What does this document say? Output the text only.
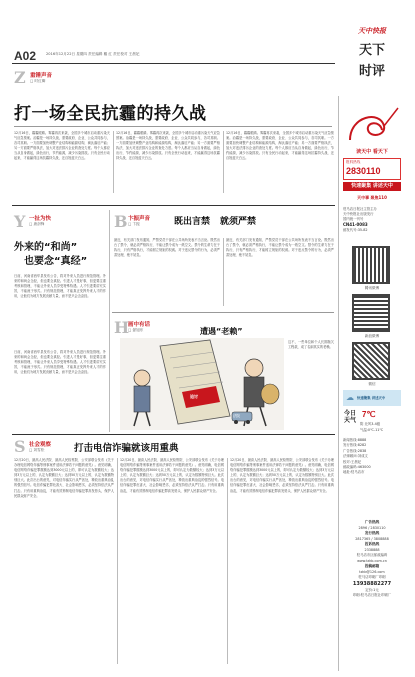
A02	2016年12月22日 星期四 责任编辑 戴 红 责任校对 王晨妃
天中快报
天下
时评
Z 重锤声音
□ 时红卿
打一场全民抗霾的持久战
12月16日，霾霾眼睛。雾霾再次来袭，全国多个城市启动重污染天气应急预案。治霾是一场持久战，需要政府、企业、公众共同参与，各司其职。一方面要加快调整产业结构和能源结构，淘汰落后产能；另一方面要严格执法，加大对违法排污企业的查处力度。每个人都应当从自身做起，绿色出行，节约能源，减少污染排放。只有全民行动起来，才能赢得这场抗霾持久战，还百姓蓝天白云。
12月16日，霾霾眼睛。雾霾再次来袭，全国多个城市启动重污染天气应急预案。治霾是一场持久战，需要政府、企业、公众共同参与，各司其职。一方面要加快调整产业结构和能源结构，淘汰落后产能；另一方面要严格执法，加大对违法排污企业的查处力度。每个人都应当从自身做起，绿色出行，节约能源，减少污染排放。只有全民行动起来，才能赢得这场抗霾持久战，还百姓蓝天白云。
12月16日，霾霾眼睛。雾霾再次来袭，全国多个城市启动重污染天气应急预案。治霾是一场持久战，需要政府、企业、公众共同参与，各司其职。一方面要加快调整产业结构和能源结构，淘汰落后产能；另一方面要严格执法，加大对违法排污企业的查处力度。每个人都应当从自身做起，绿色出行，节约能源，减少污染排放。只有全民行动起来，才能赢得这场抗霾持久战，还百姓蓝天白云。
Y 一扯为快
□ 唐剑锋
外来的“和尚”
也要念“真经”
日前，河南省西华县发布公告，将对外来人员进行规范管理。外来的和尚会念经，但也要念真经。引进人才是好事，但更要注重考核和管理，不能让外来人员享受特殊待遇。人才引进要讲究实效，不能流于形式。只有规范管理，才能真正发挥外来人才的作用，让他们为地方发展贡献力量，而不是只会念歪经。
日前，河南省西华县发布公告，将对外来人员进行规范管理。外来的和尚会念经，但也要念真经。引进人才是好事，但更要注重考核和管理，不能让外来人员享受特殊待遇。人才引进要讲究实效，不能流于形式。只有规范管理，才能真正发挥外来人才的作用，让他们为地方发展贡献力量，而不是只会念歪经。
B 卞振声音
□ 卞振	既出言禁 就须严禁
最近，有关部门发布通知，严禁党员干部在公共场所发表不当言论。既然出台了禁令，就必须严格执行，不能让禁令成为一纸空文。禁令的生命力在于执行，只有严格执行，才能树立规矩的权威。对于违反禁令的行为，必须严肃处理，绝不姑息。
最近，有关部门发布通知，严禁党员干部在公共场所发表不当言论。既然出台了禁令，就必须严格执行，不能让禁令成为一纸空文。禁令的生命力在于执行，只有严格执行，才能树立规矩的权威。对于违反禁令的行为，必须严肃处理，绝不姑息。
H
画中有话
□ 晏旭东	遭遇“老赖”
法院
追讨
这不，一些单位和个人长期拖欠工程款，成了名副其实的老赖。
S 社会观察
□ 刘雪松	打击电信诈骗就该用重典
12月20日，最高人民法院、最高人民检察院、公安部联合发布《关于办理电信网络诈骗等刑事案件适用法律若干问题的意见》。意见明确，电信网络诈骗犯罪数额达到3000元以上的，即可认定为数额较大；达到3万元以上的，认定为数额巨大；达到50万元以上的，认定为数额特别巨大。此次出台的意见，对电信诈骗实行从严惩处，释放出重典治乱的强烈信号。电信诈骗犯罪危害大、社会影响恶劣，必须坚持依法从严打击。只有用重典治乱，才能有效遏制电信诈骗犯罪高发势头，保护人民群众财产安全。
12月20日，最高人民法院、最高人民检察院、公安部联合发布《关于办理电信网络诈骗等刑事案件适用法律若干问题的意见》。意见明确，电信网络诈骗犯罪数额达到3000元以上的，即可认定为数额较大；达到3万元以上的，认定为数额巨大；达到50万元以上的，认定为数额特别巨大。此次出台的意见，对电信诈骗实行从严惩处，释放出重典治乱的强烈信号。电信诈骗犯罪危害大、社会影响恶劣，必须坚持依法从严打击。只有用重典治乱，才能有效遏制电信诈骗犯罪高发势头，保护人民群众财产安全。
12月20日，最高人民法院、最高人民检察院、公安部联合发布《关于办理电信网络诈骗等刑事案件适用法律若干问题的意见》。意见明确，电信网络诈骗犯罪数额达到3000元以上的，即可认定为数额较大；达到3万元以上的，认定为数额巨大；达到50万元以上的，认定为数额特别巨大。此次出台的意见，对电信诈骗实行从严惩处，释放出重典治乱的强烈信号。电信诈骗犯罪危害大、社会影响恶劣，必须坚持依法从严打击。只有用重典治乱，才能有效遏制电信诈骗犯罪高发势头，保护人民群众财产安全。
读天中 看天下
报料热线
2830110
快速聚集 讲述天中
天中事 聚焦110
驻马店日报社主管主办
天中快报社出版发行
国内统一刊号
CN41-0083
邮发代号:35-82
腾讯微博
新浪微博
微信
☁ 快速聚集 讲述天中
今日天气
7℃
阴 北风3-4级
气温:0℃-11℃
新闻热线:8888
发行热线:8282
广告热线:2838
法律顾问:刘成文
校对:王晨妃
邮政编码:463000
地址:驻马店市
广告热线
2896 / 2830110
发行热线
2817365 / 3808888
投诉热线
2338888
驻马店市区邮政编码
www.tzkb.com.cn
投稿邮箱
tzkb@126.com
驻马店印刷厂印刷
13938882277
定价:1元
印刷:驻马店日报社印刷厂
